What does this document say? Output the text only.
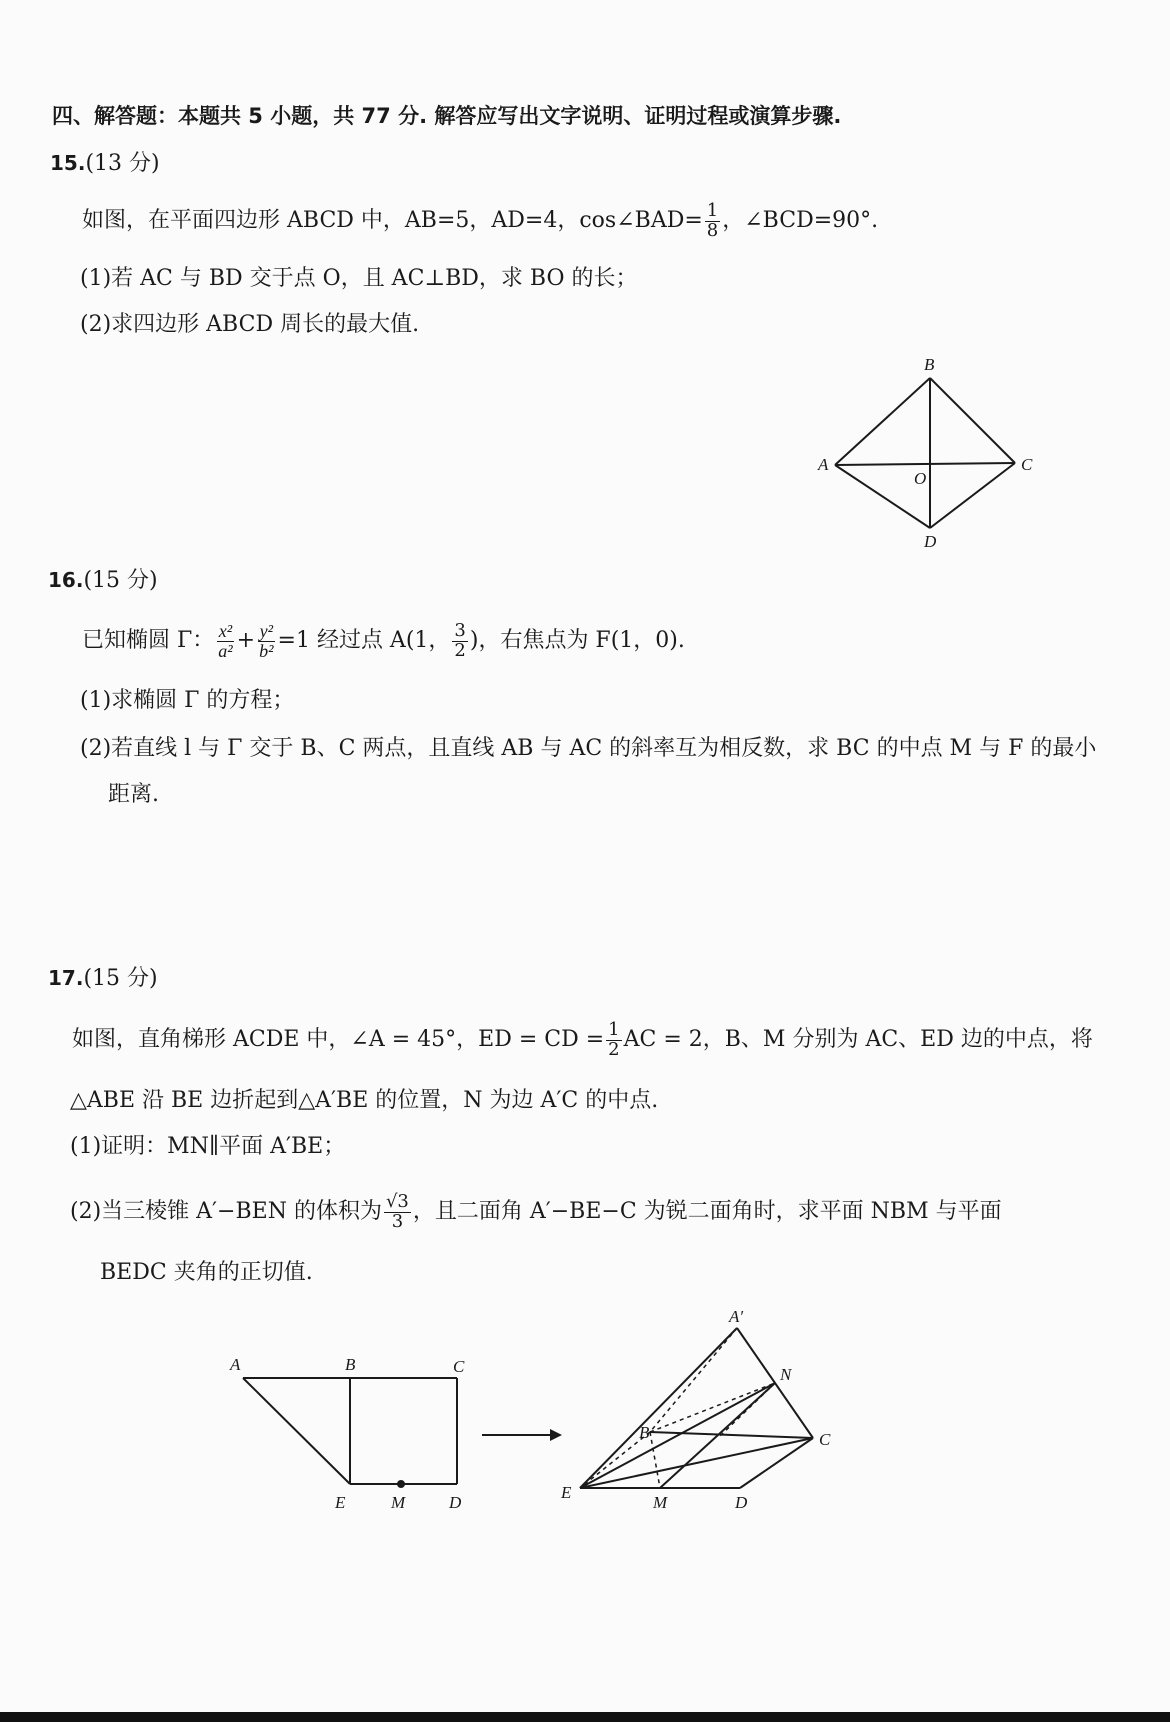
四、解答题：本题共 5 小题，共 77 分. 解答应写出文字说明、证明过程或演算步骤.
15.(13 分)
如图，在平面四边形 ABCD 中，AB=5，AD=4，cos∠BAD= $\frac{1}{8}$ ，∠BCD=90°.
(1)若 AC 与 BD 交于点 O，且 AC⊥BD，求 BO 的长；
(2)求四边形 ABCD 周长的最大值.
A
B
C
D
O
16.(15 分)
已知椭圆 Γ： $\frac{\text{x²}}{\text{a²}} + \frac{\text{y²}}{\text{b²}} =1$ 经过点 A(1， $\frac{3}{2}$ )，右焦点为 F(1，0).
(1)求椭圆 Γ 的方程；
(2)若直线 l 与 Γ 交于 B、C 两点，且直线 AB 与 AC 的斜率互为相反数，求 BC 的中点 M 与 F 的最小
距离.
17.(15 分)
如图，直角梯形 ACDE 中，∠A = 45°，ED = CD = $\frac{1}{2}$ AC = 2，B、M 分别为 AC、ED 边的中点，将
△ABE 沿 BE 边折起到△A′BE 的位置，N 为边 A′C 的中点.
(1)证明：MN∥平面 A′BE；
(2)当三棱锥 A′−BEN 的体积为 $\frac{√3}{3}$ ，且二面角 A′−BE−C 为锐二面角时，求平面 NBM 与平面
BEDC 夹角的正切值.
A	B	C
E	M	D
A′
N
B	C
E
M	D
